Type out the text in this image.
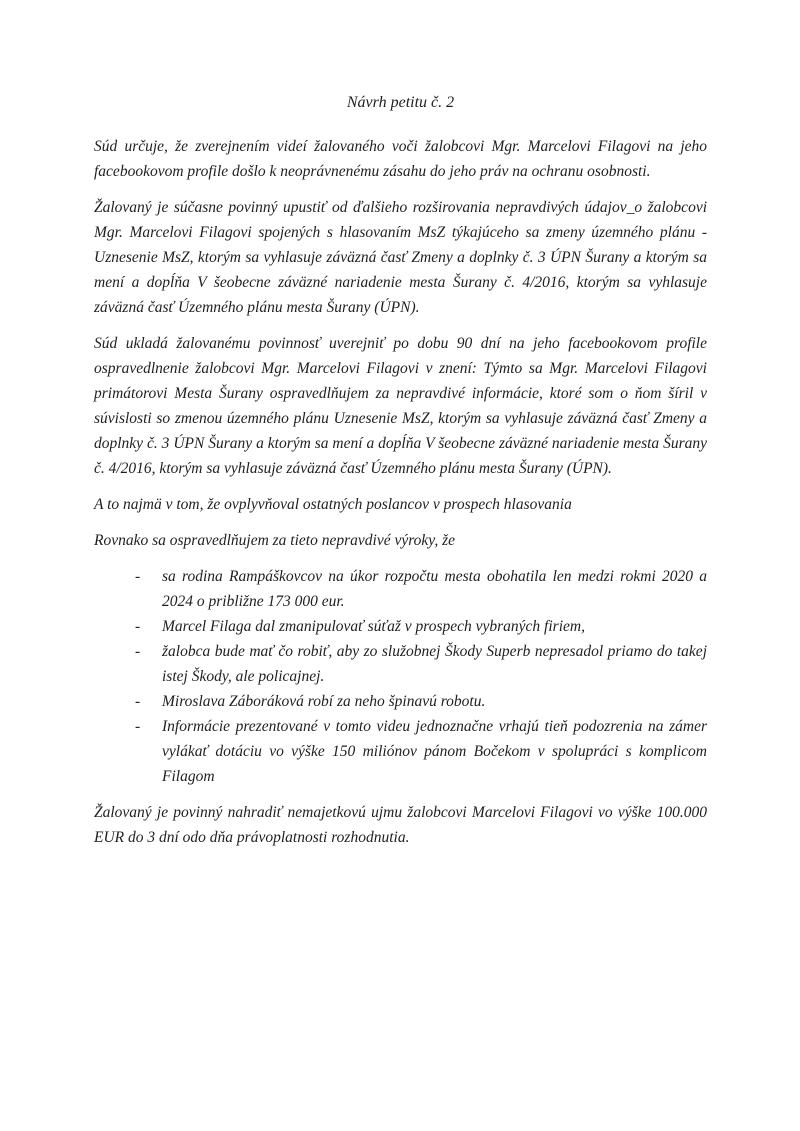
Návrh petitu č. 2

Súd určuje, že zverejnením videí žalovaného voči žalobcovi Mgr. Marcelovi Filagovi na jeho facebookovom profile došlo k neoprávnenému zásahu do jeho práv na ochranu osobnosti.

Žalovaný je súčasne povinný upustiť od ďalšieho rozširovania nepravdivých údajov_o žalobcovi Mgr. Marcelovi Filagovi spojených s hlasovaním MsZ týkajúceho sa zmeny územného plánu - Uznesenie MsZ, ktorým sa vyhlasuje záväzná časť Zmeny a doplnky č. 3 ÚPN Šurany a ktorým sa mení a dopĺňa V šeobecne záväzné nariadenie mesta Šurany č. 4/2016, ktorým sa vyhlasuje záväzná časť Územného plánu mesta Šurany (ÚPN).

Súd ukladá žalovanému povinnosť uverejniť po dobu 90 dní na jeho facebookovom profile ospravedlnenie žalobcovi Mgr. Marcelovi Filagovi v znení: Týmto sa Mgr. Marcelovi Filagovi primátorovi Mesta Šurany ospravedlňujem za nepravdivé informácie, ktoré som o ňom šíril v súvislosti so zmenou územného plánu Uznesenie MsZ, ktorým sa vyhlasuje záväzná časť Zmeny a doplnky č. 3 ÚPN Šurany a ktorým sa mení a dopĺňa V šeobecne záväzné nariadenie mesta Šurany č. 4/2016, ktorým sa vyhlasuje záväzná časť Územného plánu mesta Šurany (ÚPN).

A to najmä v tom, že ovplyvňoval ostatných poslancov v prospech hlasovania

Rovnako sa ospravedlňujem za tieto nepravdivé výroky, že

-	sa rodina Rampáškovcov na úkor rozpočtu mesta obohatila len medzi rokmi 2020 a 2024 o približne 173 000 eur.
-	Marcel Filaga dal zmanipulovať súťaž v prospech vybraných firiem,
-	žalobca bude mať čo robiť, aby zo služobnej Škody Superb nepresadol priamo do takej istej Škody, ale policajnej.
-	Miroslava Záboráková robí za neho špinavú robotu.
-	Informácie prezentované v tomto videu jednoznačne vrhajú tieň podozrenia na zámer vylákať dotáciu vo výške 150 miliónov pánom Bočekom v spolupráci s komplicom Filagom

Žalovaný je povinný nahradiť nemajetkovú ujmu žalobcovi Marcelovi Filagovi vo výške 100.000 EUR do 3 dní odo dňa právoplatnosti rozhodnutia.
